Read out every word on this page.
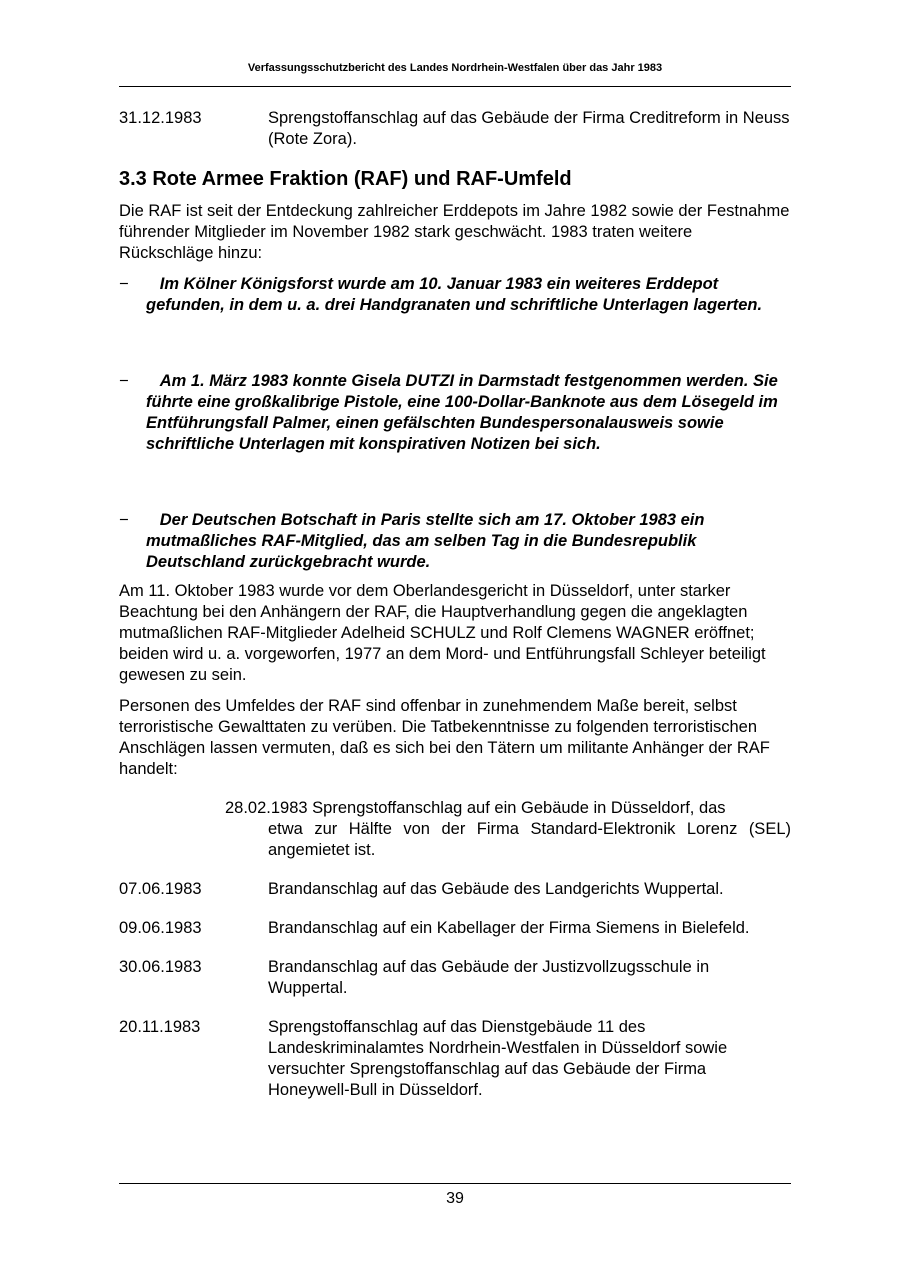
Verfassungsschutzbericht des Landes Nordrhein-Westfalen über das Jahr 1983
31.12.1983	Sprengstoffanschlag auf das Gebäude der Firma Creditreform in Neuss (Rote Zora).
3.3 Rote Armee Fraktion (RAF) und RAF-Umfeld

Die RAF ist seit der Entdeckung zahlreicher Erddepots im Jahre 1982 sowie der Festnahme führender Mitglieder im November 1982 stark geschwächt. 1983 traten weitere Rückschläge hinzu:

−	Im Kölner Königsforst wurde am 10. Januar 1983 ein weiteres Erddepot gefunden, in dem u. a. drei Handgranaten und schriftliche Unterlagen lagerten.
−	Am 1. März 1983 konnte Gisela DUTZI in Darmstadt festgenommen werden. Sie führte eine großkalibrige Pistole, eine 100-Dollar-Banknote aus dem Lösegeld im Entführungsfall Palmer, einen gefälschten Bundespersonalausweis sowie schriftliche Unterlagen mit konspirativen Notizen bei sich.
−	Der Deutschen Botschaft in Paris stellte sich am 17. Oktober 1983 ein mutmaßliches RAF-Mitglied, das am selben Tag in die Bundesrepublik Deutschland zurückgebracht wurde.

Am 11. Oktober 1983 wurde vor dem Oberlandesgericht in Düsseldorf, unter starker Beachtung bei den Anhängern der RAF, die Hauptverhandlung gegen die angeklagten mutmaßlichen RAF-Mitglieder Adelheid SCHULZ und Rolf Clemens WAGNER eröffnet; beiden wird u. a. vorgeworfen, 1977 an dem Mord- und Entführungsfall Schleyer beteiligt gewesen zu sein.

Personen des Umfeldes der RAF sind offenbar in zunehmendem Maße bereit, selbst terroristische Gewalttaten zu verüben. Die Tatbekenntnisse zu folgenden terroristischen Anschlägen lassen vermuten, daß es sich bei den Tätern um militante Anhänger der RAF handelt:

28.02.1983 Sprengstoffanschlag auf ein Gebäude in Düsseldorf, das
etwa zur Hälfte von der Firma Standard-Elektronik Lorenz (SEL) angemietet ist.
07.06.1983	Brandanschlag auf das Gebäude des Landgerichts Wuppertal.
09.06.1983	Brandanschlag auf ein Kabellager der Firma Siemens in Bielefeld.
30.06.1983	Brandanschlag auf das Gebäude der Justizvollzugsschule in Wuppertal.
20.11.1983	Sprengstoffanschlag auf das Dienstgebäude 11 des Landeskriminalamtes Nordrhein-Westfalen in Düsseldorf sowie versuchter Sprengstoffanschlag auf das Gebäude der Firma Honeywell-Bull in Düsseldorf.
39
